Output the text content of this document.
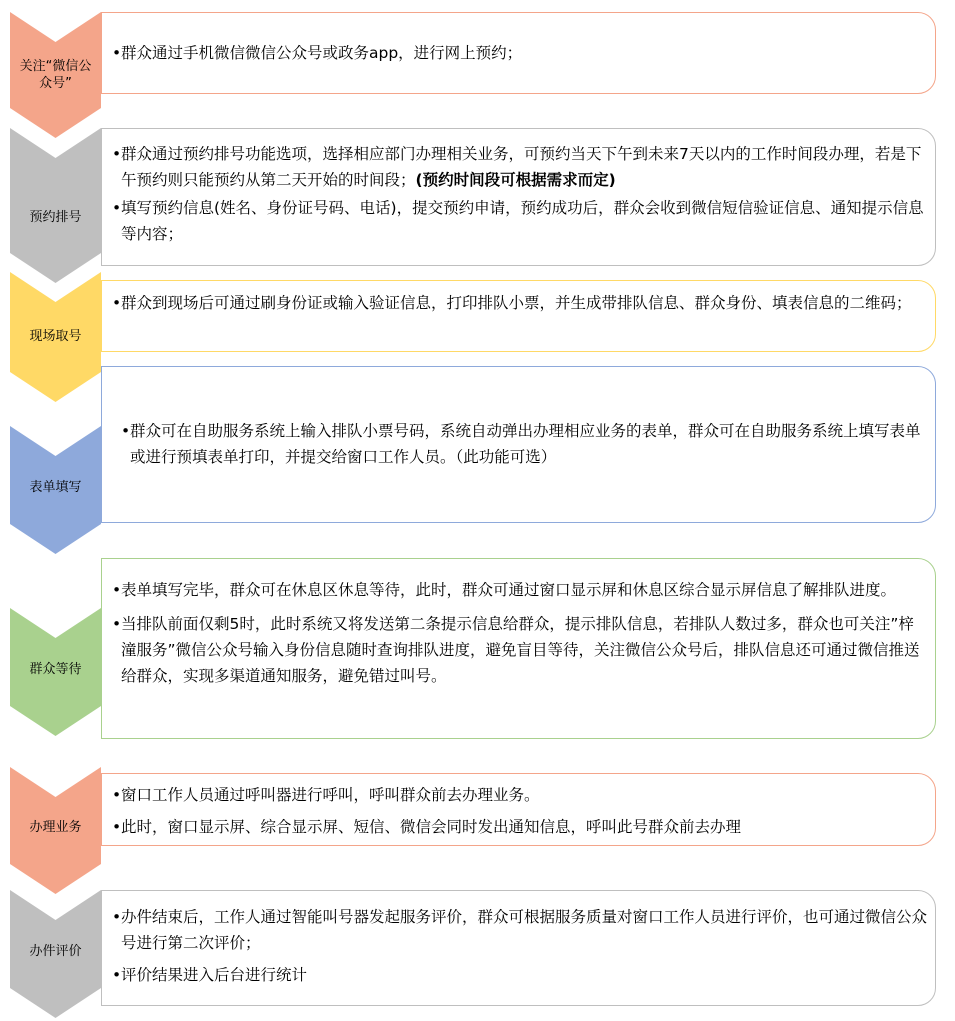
关注“微信公众号”

•群众通过手机微信微信公众号或政务app，进行网上预约；

预约排号

•群众通过预约排号功能选项，选择相应部门办理相关业务，可预约当天下午到未来7天以内的工作时间段办理，若是下午预约则只能预约从第二天开始的时间段；(预约时间段可根据需求而定)

•填写预约信息(姓名、身份证号码、电话)，提交预约申请，预约成功后，群众会收到微信短信验证信息、通知提示信息等内容；

现场取号

•群众到现场后可通过刷身份证或输入验证信息，打印排队小票，并生成带排队信息、群众身份、填表信息的二维码；

表单填写

•群众可在自助服务系统上输入排队小票号码，系统自动弹出办理相应业务的表单，群众可在自助服务系统上填写表单或进行预填表单打印，并提交给窗口工作人员。（此功能可选）

群众等待

•表单填写完毕，群众可在休息区休息等待，此时，群众可通过窗口显示屏和休息区综合显示屏信息了解排队进度。

•当排队前面仅剩5时，此时系统又将发送第二条提示信息给群众，提示排队信息，若排队人数过多，群众也可关注”梓潼服务”微信公众号输入身份信息随时查询排队进度，避免盲目等待，关注微信公众号后，排队信息还可通过微信推送给群众，实现多渠道通知服务，避免错过叫号。

办理业务

•窗口工作人员通过呼叫器进行呼叫，呼叫群众前去办理业务。

•此时，窗口显示屏、综合显示屏、短信、微信会同时发出通知信息，呼叫此号群众前去办理

办件评价

•办件结束后，工作人通过智能叫号器发起服务评价，群众可根据服务质量对窗口工作人员进行评价，也可通过微信公众号进行第二次评价；

•评价结果进入后台进行统计
